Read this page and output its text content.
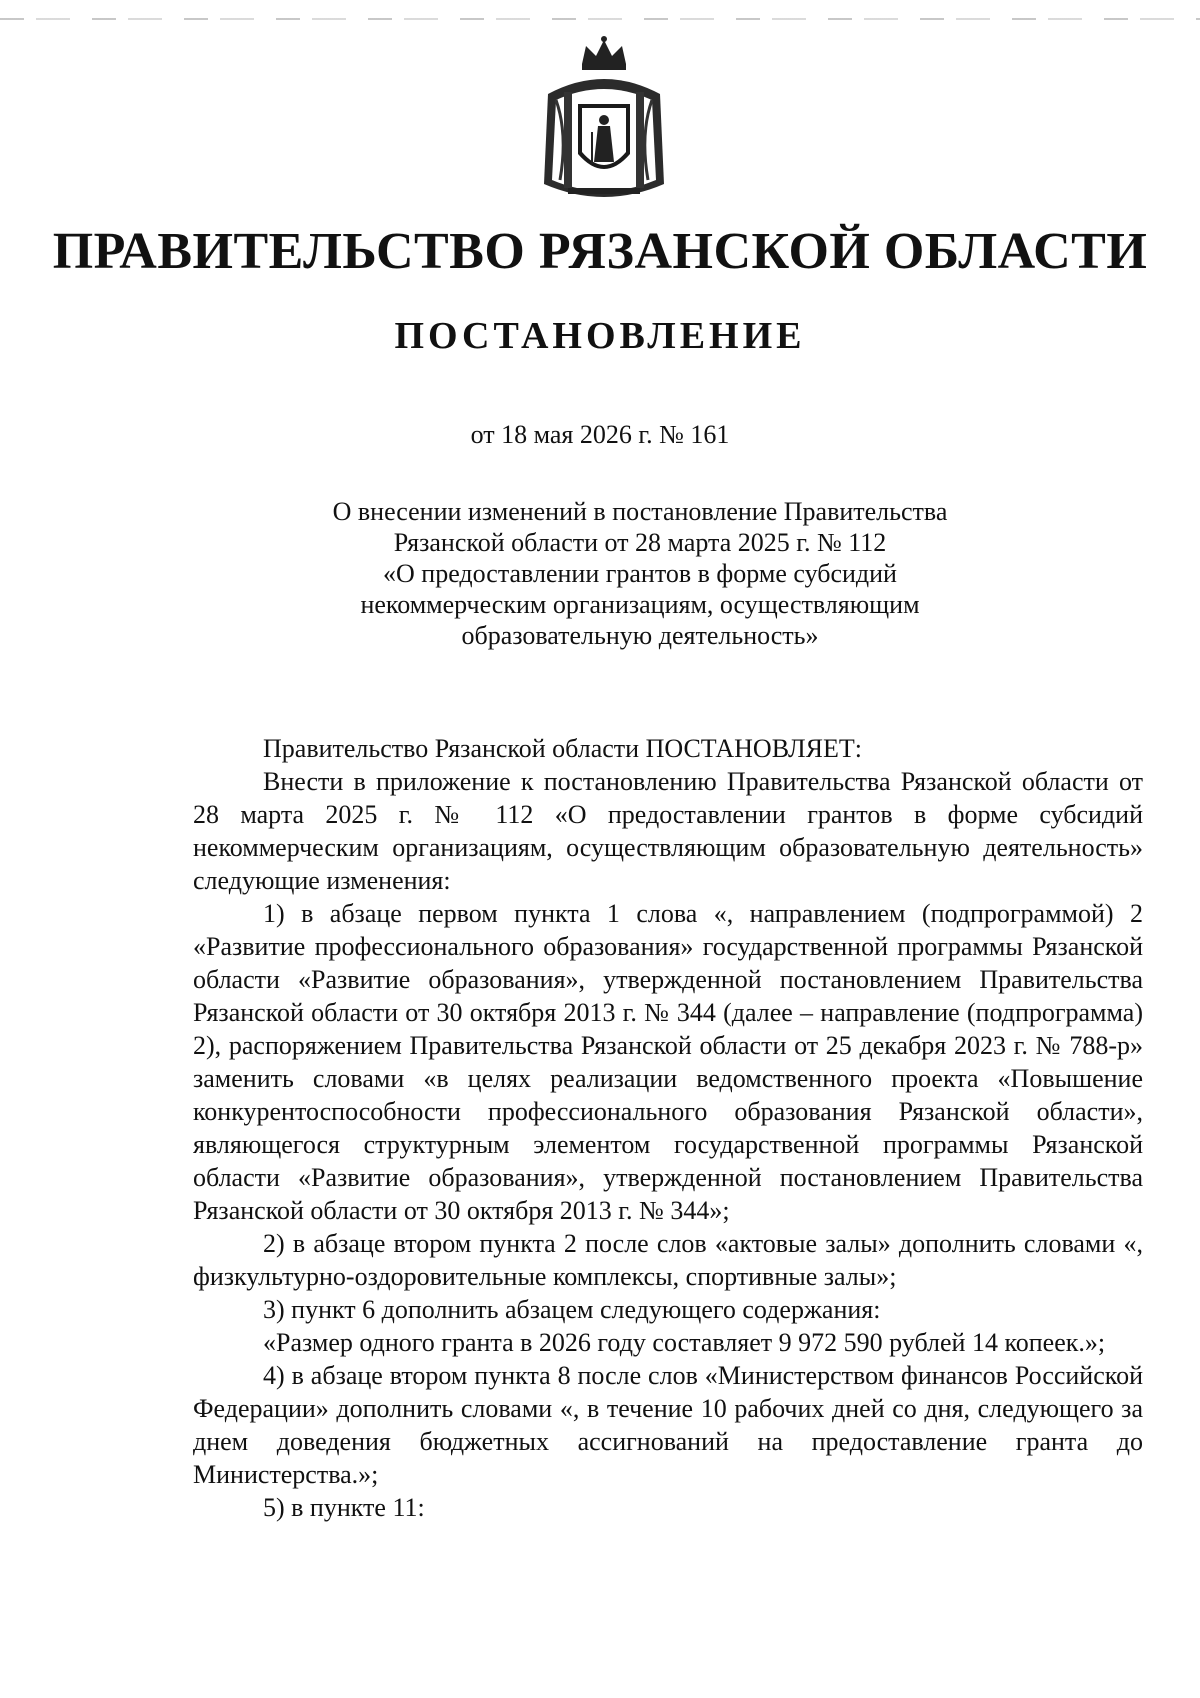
ПРАВИТЕЛЬСТВО РЯЗАНСКОЙ ОБЛАСТИ
ПОСТАНОВЛЕНИЕ
от 18 мая 2026 г. № 161
О внесении изменений в постановление Правительства
Рязанской области от 28 марта 2025 г. № 112
«О предоставлении грантов в форме субсидий
некоммерческим организациям, осуществляющим
образовательную деятельность»

Правительство Рязанской области ПОСТАНОВЛЯЕТ:

Внести в приложение к постановлению Правительства Рязанской области от 28 марта 2025 г. № 112 «О предоставлении грантов в форме субсидий некоммерческим организациям, осуществляющим образовательную деятельность» следующие изменения:

1) в абзаце первом пункта 1 слова «, направлением (подпрограммой) 2 «Развитие профессионального образования» государственной программы Рязанской области «Развитие образования», утвержденной постановлением Правительства Рязанской области от 30 октября 2013 г. № 344 (далее – направление (подпрограмма) 2), распоряжением Правительства Рязанской области от 25 декабря 2023 г. № 788-р» заменить словами «в целях реализации ведомственного проекта «Повышение конкурентоспособности профессионального образования Рязанской области», являющегося структурным элементом государственной программы Рязанской области «Развитие образования», утвержденной постановлением Правительства Рязанской области от 30 октября 2013 г. № 344»;

2) в абзаце втором пункта 2 после слов «актовые залы» дополнить словами «, физкультурно-оздоровительные комплексы, спортивные залы»;

3) пункт 6 дополнить абзацем следующего содержания:

«Размер одного гранта в 2026 году составляет 9 972 590 рублей 14 копеек.»;

4) в абзаце втором пункта 8 после слов «Министерством финансов Российской Федерации» дополнить словами «, в течение 10 рабочих дней со дня, следующего за днем доведения бюджетных ассигнований на предоставление гранта до Министерства.»;

5) в пункте 11:
